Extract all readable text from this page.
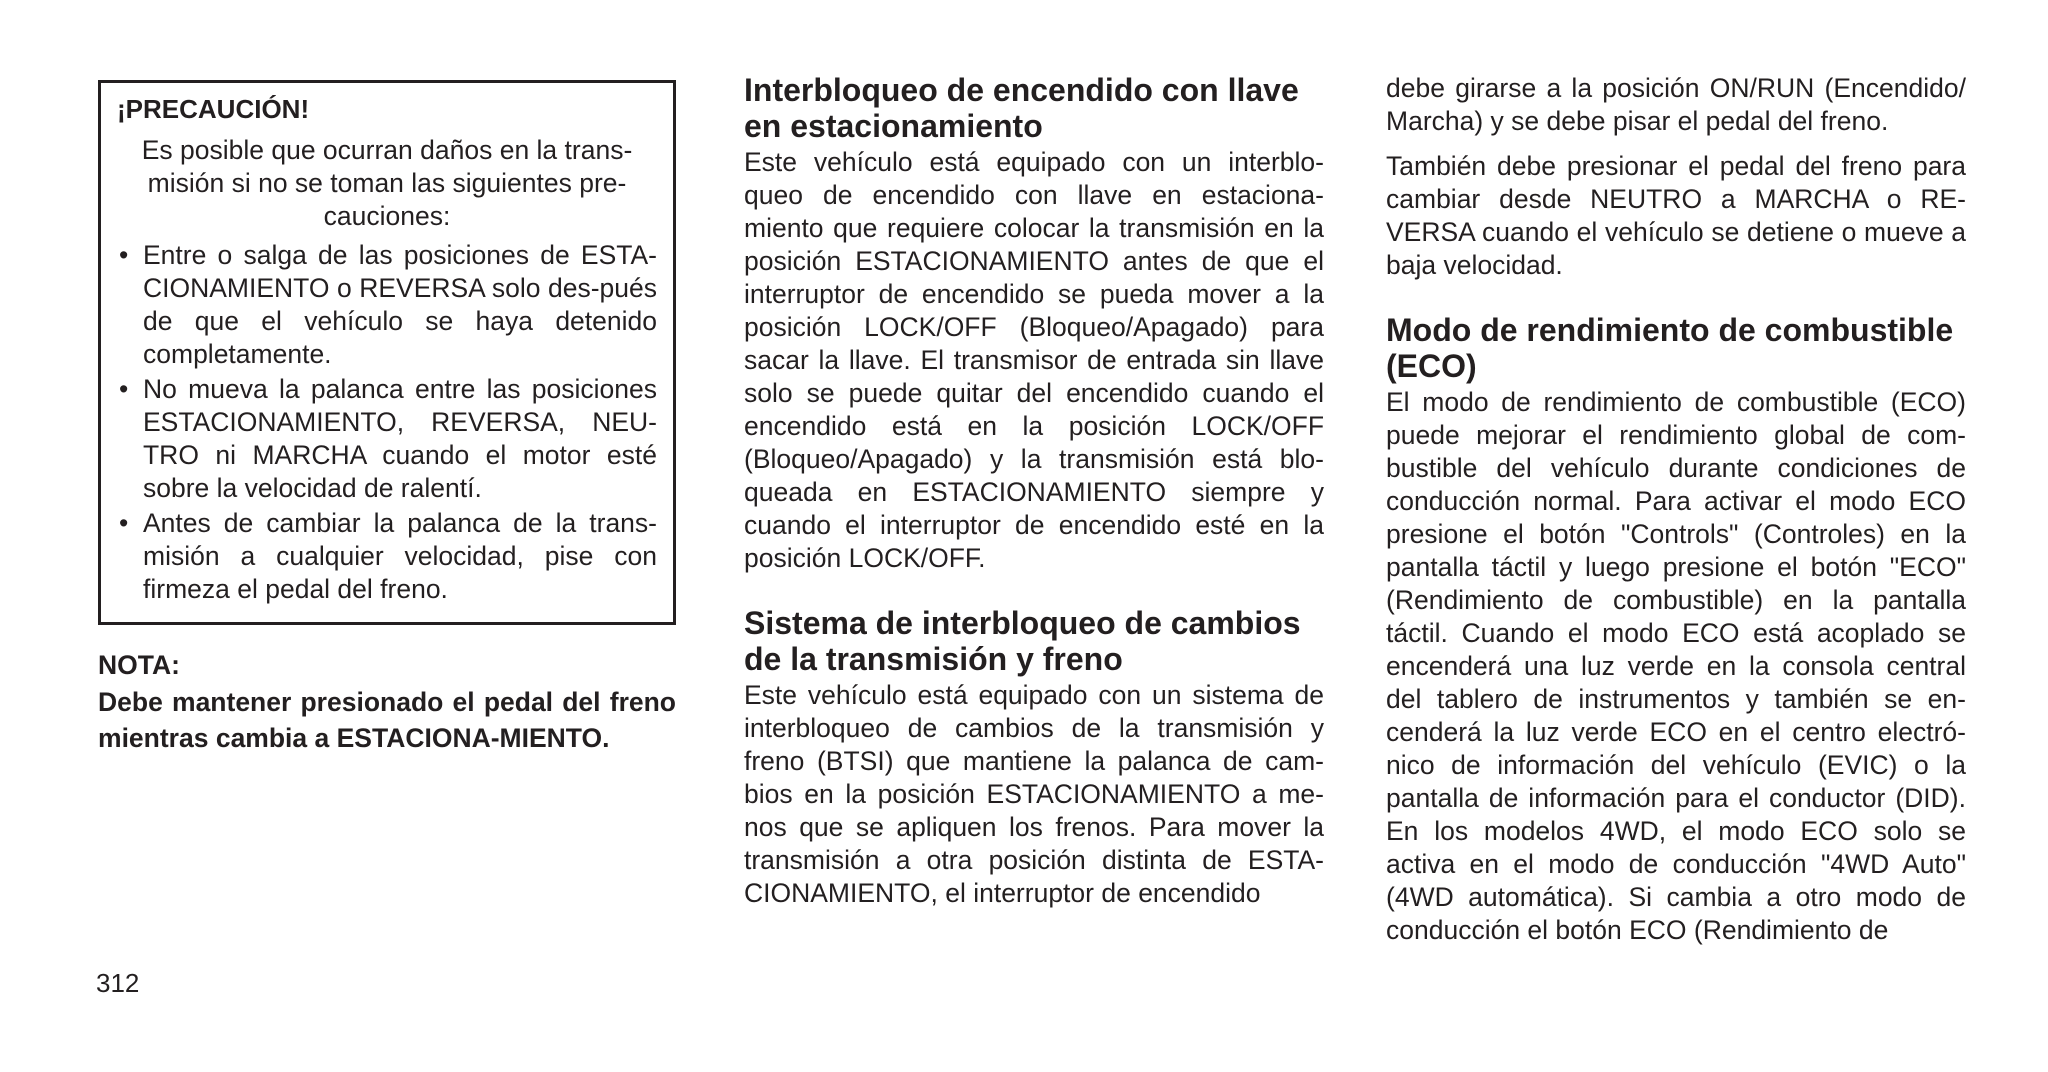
¡PRECAUCIÓN!

Es posible que ocurran daños en la trans-misión si no se toman las siguientes pre-cauciones:

• Entre o salga de las posiciones de ESTA-CIONAMIENTO o REVERSA solo des-pués de que el vehículo se haya detenido completamente.
• No mueva la palanca entre las posiciones ESTACIONAMIENTO, REVERSA, NEU-TRO ni MARCHA cuando el motor esté sobre la velocidad de ralentí.
• Antes de cambiar la palanca de la trans-misión a cualquier velocidad, pise con firmeza el pedal del freno.

NOTA:

Debe mantener presionado el pedal del freno mientras cambia a ESTACIONA-MIENTO.

Interbloqueo de encendido con llave en estacionamiento

Este vehículo está equipado con un interblo-queo de encendido con llave en estaciona-miento que requiere colocar la transmisión en la posición ESTACIONAMIENTO antes de que el interruptor de encendido se pueda mover a la posición LOCK/OFF (Bloqueo/Apagado) para sacar la llave. El transmisor de entrada sin llave solo se puede quitar del encendido cuando el encendido está en la posición LOCK/OFF (Bloqueo/Apagado) y la transmisión está blo-queada en ESTACIONAMIENTO siempre y cuando el interruptor de encendido esté en la posición LOCK/OFF.

Sistema de interbloqueo de cambios de la transmisión y freno

Este vehículo está equipado con un sistema de interbloqueo de cambios de la transmisión y freno (BTSI) que mantiene la palanca de cam-bios en la posición ESTACIONAMIENTO a me-nos que se apliquen los frenos. Para mover la transmisión a otra posición distinta de ESTA-CIONAMIENTO, el interruptor de encendido

debe girarse a la posición ON/RUN (Encendido/ Marcha) y se debe pisar el pedal del freno.

También debe presionar el pedal del freno para cambiar desde NEUTRO a MARCHA o RE-VERSA cuando el vehículo se detiene o mueve a baja velocidad.

Modo de rendimiento de combustible (ECO)

El modo de rendimiento de combustible (ECO) puede mejorar el rendimiento global de com-bustible del vehículo durante condiciones de conducción normal. Para activar el modo ECO presione el botón "Controls" (Controles) en la pantalla táctil y luego presione el botón "ECO" (Rendimiento de combustible) en la pantalla táctil. Cuando el modo ECO está acoplado se encenderá una luz verde en la consola central del tablero de instrumentos y también se en-cenderá la luz verde ECO en el centro electró-nico de información del vehículo (EVIC) o la pantalla de información para el conductor (DID). En los modelos 4WD, el modo ECO solo se activa en el modo de conducción "4WD Auto" (4WD automática). Si cambia a otro modo de conducción el botón ECO (Rendimiento de

312
